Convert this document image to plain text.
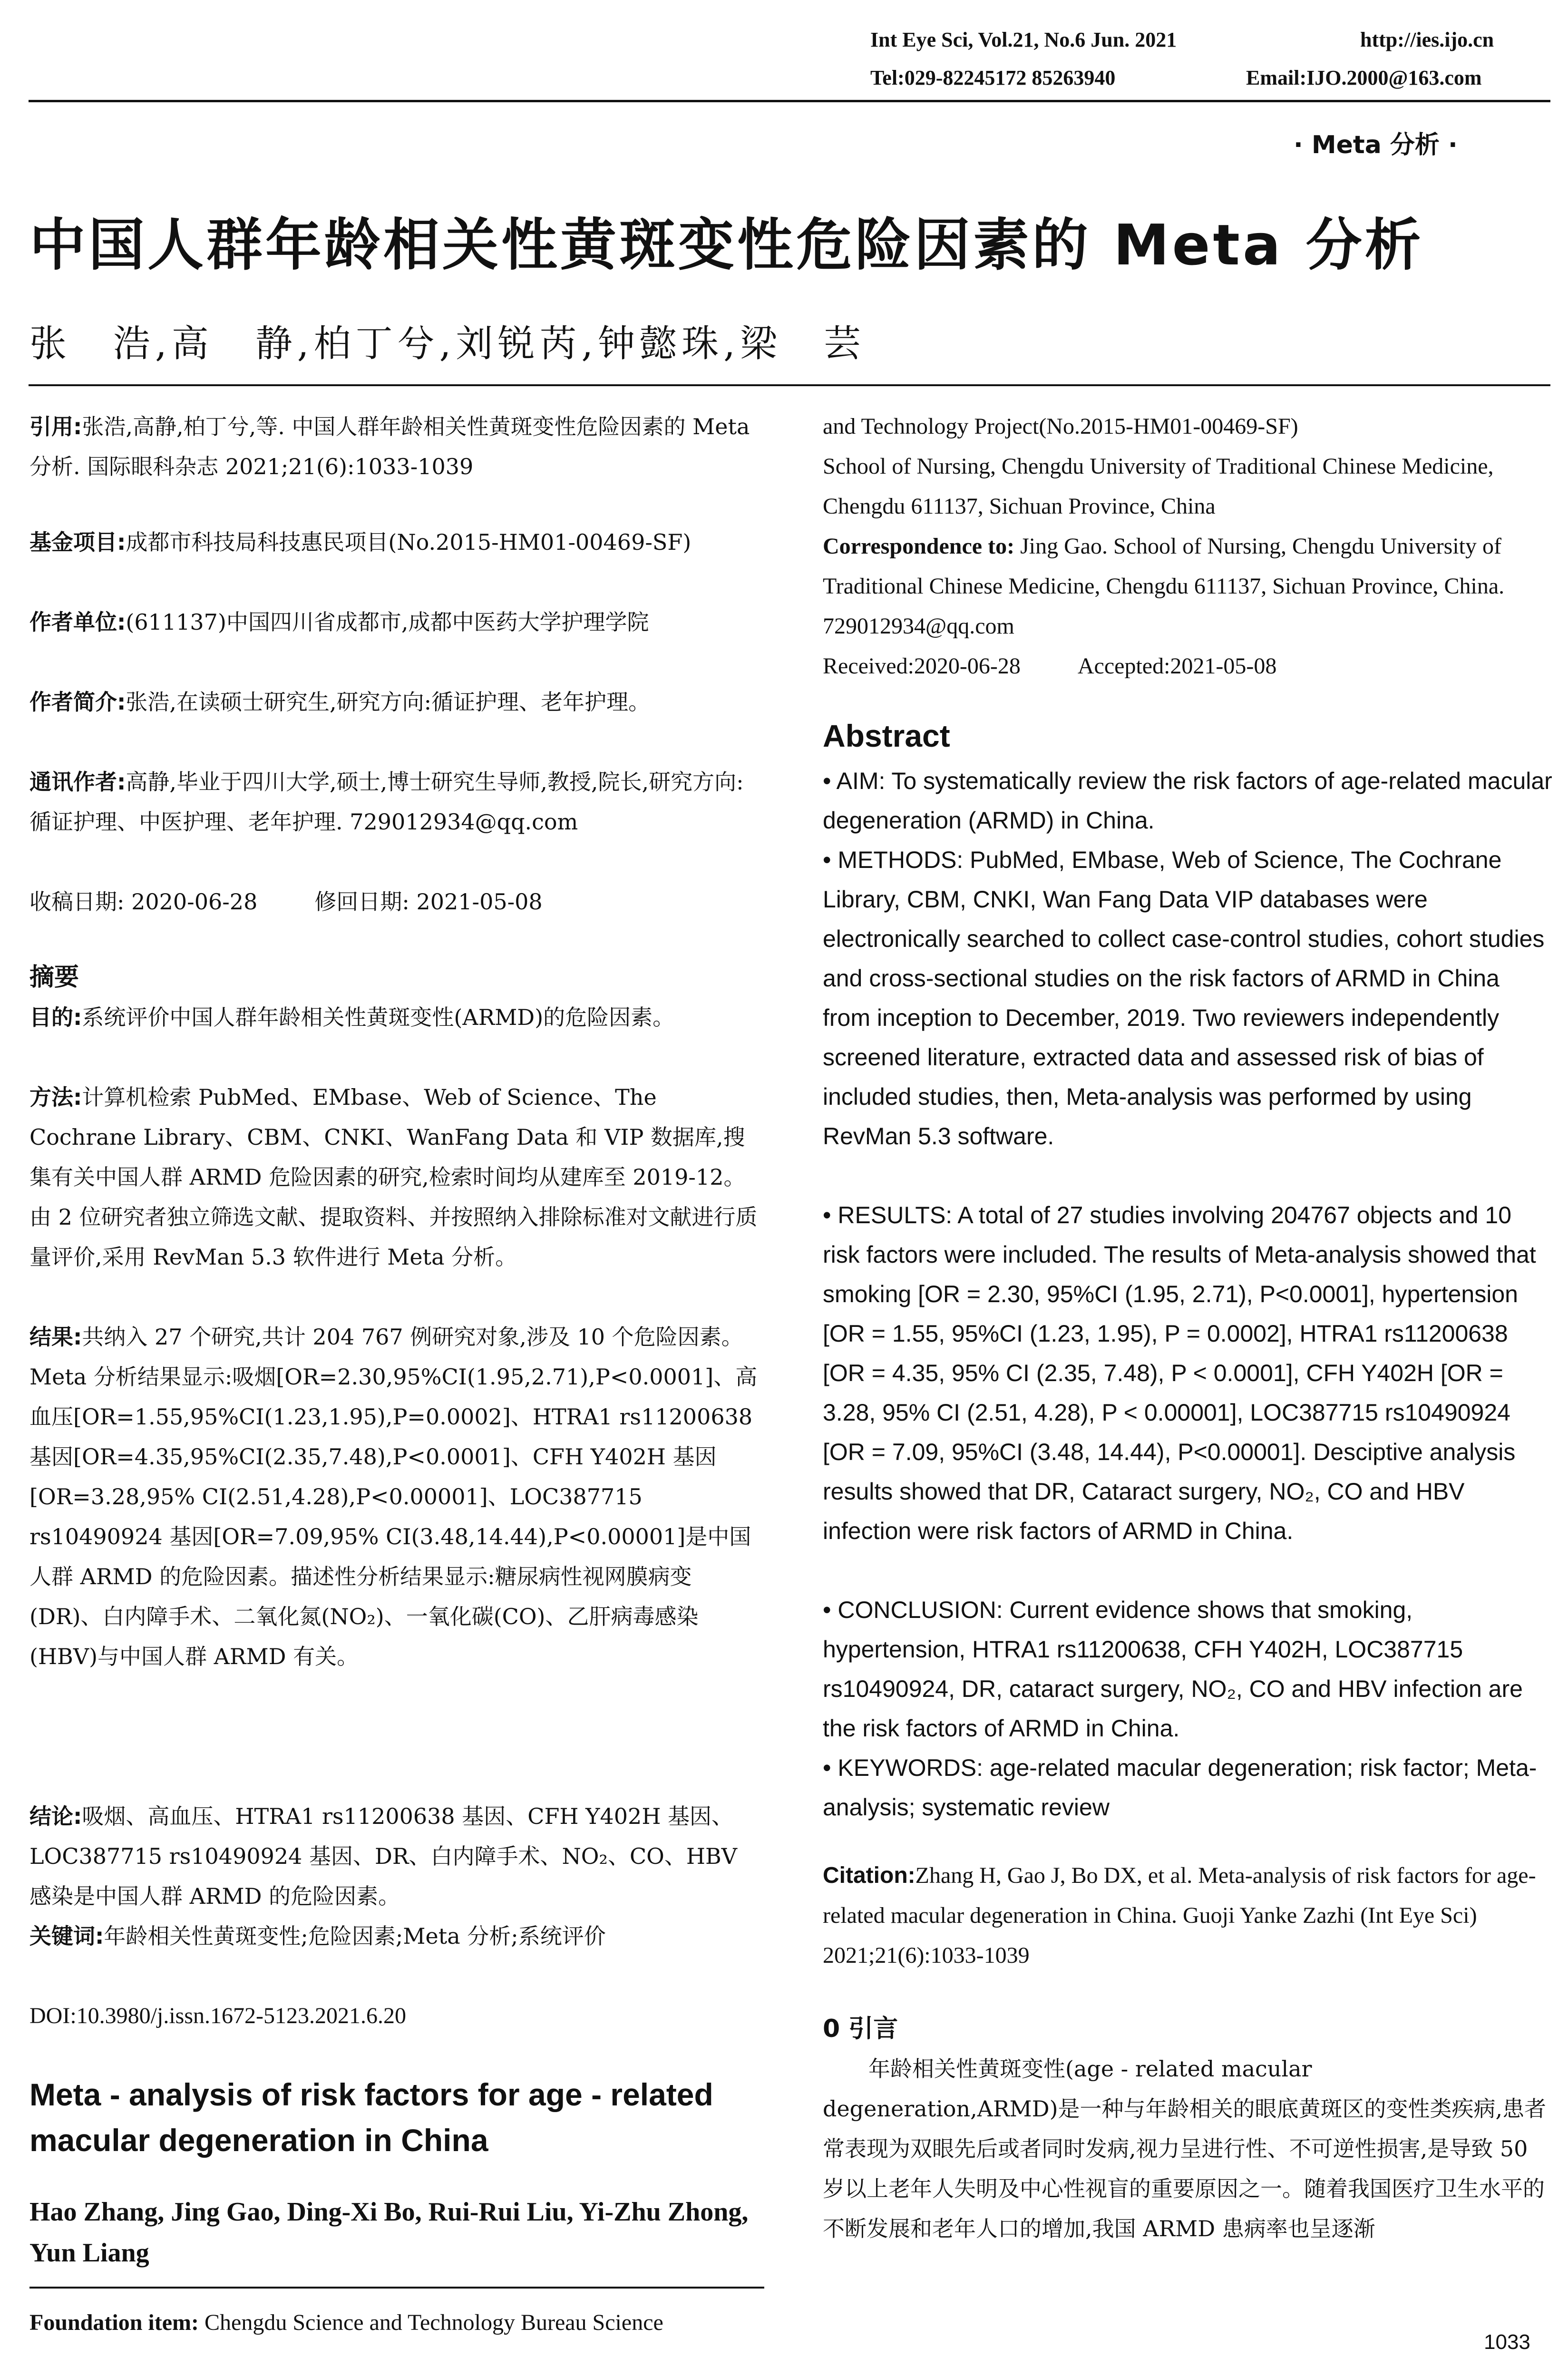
Int Eye Sci, Vol.21, No.6 Jun. 2021	http://ies.ijo.cn
Tel:029-82245172 85263940	Email:IJO.2000@163.com
· Meta 分析 ·
中国人群年龄相关性黄斑变性危险因素的 Meta 分析
张　浩,高　静,柏丁兮,刘锐芮,钟懿珠,梁　芸

引用:张浩,高静,柏丁兮,等. 中国人群年龄相关性黄斑变性危险因素的 Meta 分析. 国际眼科杂志 2021;21(6):1033-1039

基金项目:成都市科技局科技惠民项目(No.2015-HM01-00469-SF)

作者单位:(611137)中国四川省成都市,成都中医药大学护理学院

作者简介:张浩,在读硕士研究生,研究方向:循证护理、老年护理。

通讯作者:高静,毕业于四川大学,硕士,博士研究生导师,教授,院长,研究方向:循证护理、中医护理、老年护理. 729012934@qq.com

收稿日期: 2020-06-28	修回日期: 2021-05-08

摘要

目的:系统评价中国人群年龄相关性黄斑变性(ARMD)的危险因素。

方法:计算机检索 PubMed、EMbase、Web of Science、The Cochrane Library、CBM、CNKI、WanFang Data 和 VIP 数据库,搜集有关中国人群 ARMD 危险因素的研究,检索时间均从建库至 2019-12。由 2 位研究者独立筛选文献、提取资料、并按照纳入排除标准对文献进行质量评价,采用 RevMan 5.3 软件进行 Meta 分析。

结果:共纳入 27 个研究,共计 204 767 例研究对象,涉及 10 个危险因素。Meta 分析结果显示:吸烟[OR=2.30,95%CI(1.95,2.71),P<0.0001]、高血压[OR=1.55,95%CI(1.23,1.95),P=0.0002]、HTRA1 rs11200638 基因[OR=4.35,95%CI(2.35,7.48),P<0.0001]、CFH Y402H 基因[OR=3.28,95% CI(2.51,4.28),P<0.00001]、LOC387715 rs10490924 基因[OR=7.09,95% CI(3.48,14.44),P<0.00001]是中国人群 ARMD 的危险因素。描述性分析结果显示:糖尿病性视网膜病变(DR)、白内障手术、二氧化氮(NO₂)、一氧化碳(CO)、乙肝病毒感染(HBV)与中国人群 ARMD 有关。

结论:吸烟、高血压、HTRA1 rs11200638 基因、CFH Y402H 基因、LOC387715 rs10490924 基因、DR、白内障手术、NO₂、CO、HBV 感染是中国人群 ARMD 的危险因素。

关键词:年龄相关性黄斑变性;危险因素;Meta 分析;系统评价

DOI:10.3980/j.issn.1672-5123.2021.6.20

Meta - analysis of risk factors for age - related macular degeneration in China

Hao Zhang, Jing Gao, Ding-Xi Bo, Rui-Rui Liu, Yi-Zhu Zhong, Yun Liang

Foundation item: Chengdu Science and Technology Bureau Science

and Technology Project(No.2015-HM01-00469-SF)
School of Nursing, Chengdu University of Traditional Chinese Medicine, Chengdu 611137, Sichuan Province, China
Correspondence to: Jing Gao. School of Nursing, Chengdu University of Traditional Chinese Medicine, Chengdu 611137, Sichuan Province, China. 729012934@qq.com
Received:2020-06-28	Accepted:2021-05-08
Abstract

• AIM: To systematically review the risk factors of age-related macular degeneration (ARMD) in China.

• METHODS: PubMed, EMbase, Web of Science, The Cochrane Library, CBM, CNKI, Wan Fang Data VIP databases were electronically searched to collect case-control studies, cohort studies and cross-sectional studies on the risk factors of ARMD in China from inception to December, 2019. Two reviewers independently screened literature, extracted data and assessed risk of bias of included studies, then, Meta-analysis was performed by using RevMan 5.3 software.

• RESULTS: A total of 27 studies involving 204767 objects and 10 risk factors were included. The results of Meta-analysis showed that smoking [OR = 2.30, 95%CI (1.95, 2.71), P<0.0001], hypertension [OR = 1.55, 95%CI (1.23, 1.95), P = 0.0002], HTRA1 rs11200638 [OR = 4.35, 95% CI (2.35, 7.48), P < 0.0001], CFH Y402H [OR = 3.28, 95% CI (2.51, 4.28), P < 0.00001], LOC387715 rs10490924 [OR = 7.09, 95%CI (3.48, 14.44), P<0.00001]. Desciptive analysis results showed that DR, Cataract surgery, NO₂, CO and HBV infection were risk factors of ARMD in China.

• CONCLUSION: Current evidence shows that smoking, hypertension, HTRA1 rs11200638, CFH Y402H, LOC387715 rs10490924, DR, cataract surgery, NO₂, CO and HBV infection are the risk factors of ARMD in China.

• KEYWORDS: age-related macular degeneration; risk factor; Meta-analysis; systematic review

Citation:Zhang H, Gao J, Bo DX, et al. Meta-analysis of risk factors for age-related macular degeneration in China. Guoji Yanke Zazhi (Int Eye Sci) 2021;21(6):1033-1039
0 引言
年龄相关性黄斑变性(age - related macular degeneration,ARMD)是一种与年龄相关的眼底黄斑区的变性类疾病,患者常表现为双眼先后或者同时发病,视力呈进行性、不可逆性损害,是导致 50 岁以上老年人失明及中心性视盲的重要原因之一。随着我国医疗卫生水平的不断发展和老年人口的增加,我国 ARMD 患病率也呈逐渐
1033
